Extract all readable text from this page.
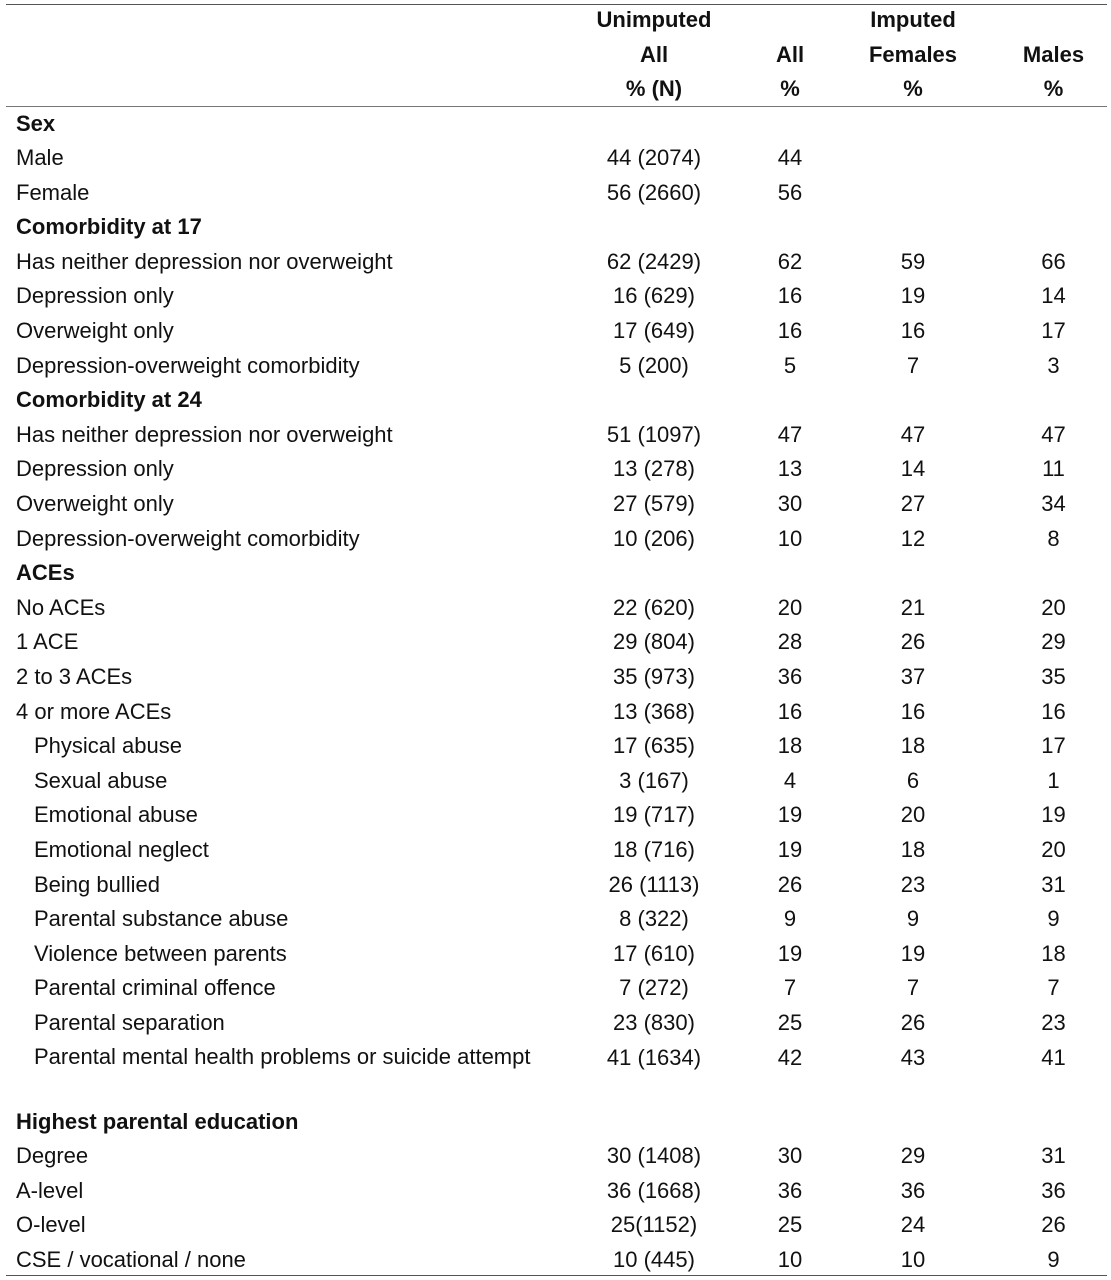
	Unimputed		Imputed	
	All	All	Females	Males
	% (N)	%	%	%
Sex				
Male	44 (2074)	44		
Female	56 (2660)	56		
Comorbidity at 17				
Has neither depression nor overweight	62 (2429)	62	59	66
Depression only	16 (629)	16	19	14
Overweight only	17 (649)	16	16	17
Depression-overweight comorbidity	5 (200)	5	7	3
Comorbidity at 24				
Has neither depression nor overweight	51 (1097)	47	47	47
Depression only	13 (278)	13	14	11
Overweight only	27 (579)	30	27	34
Depression-overweight comorbidity	10 (206)	10	12	8
ACEs				
No ACEs	22 (620)	20	21	20
1 ACE	29 (804)	28	26	29
2 to 3 ACEs	35 (973)	36	37	35
4 or more ACEs	13 (368)	16	16	16
Physical abuse	17 (635)	18	18	17
Sexual abuse	3 (167)	4	6	1
Emotional abuse	19 (717)	19	20	19
Emotional neglect	18 (716)	19	18	20
Being bullied	26 (1113)	26	23	31
Parental substance abuse	8 (322)	9	9	9
Violence between parents	17 (610)	19	19	18
Parental criminal offence	7 (272)	7	7	7
Parental separation	23 (830)	25	26	23
Parental mental health problems or suicide attempt	41 (1634)	42	43	41
Highest parental education				
Degree	30 (1408)	30	29	31
A-level	36 (1668)	36	36	36
O-level	25(1152)	25	24	26
CSE / vocational / none	10 (445)	10	10	9
